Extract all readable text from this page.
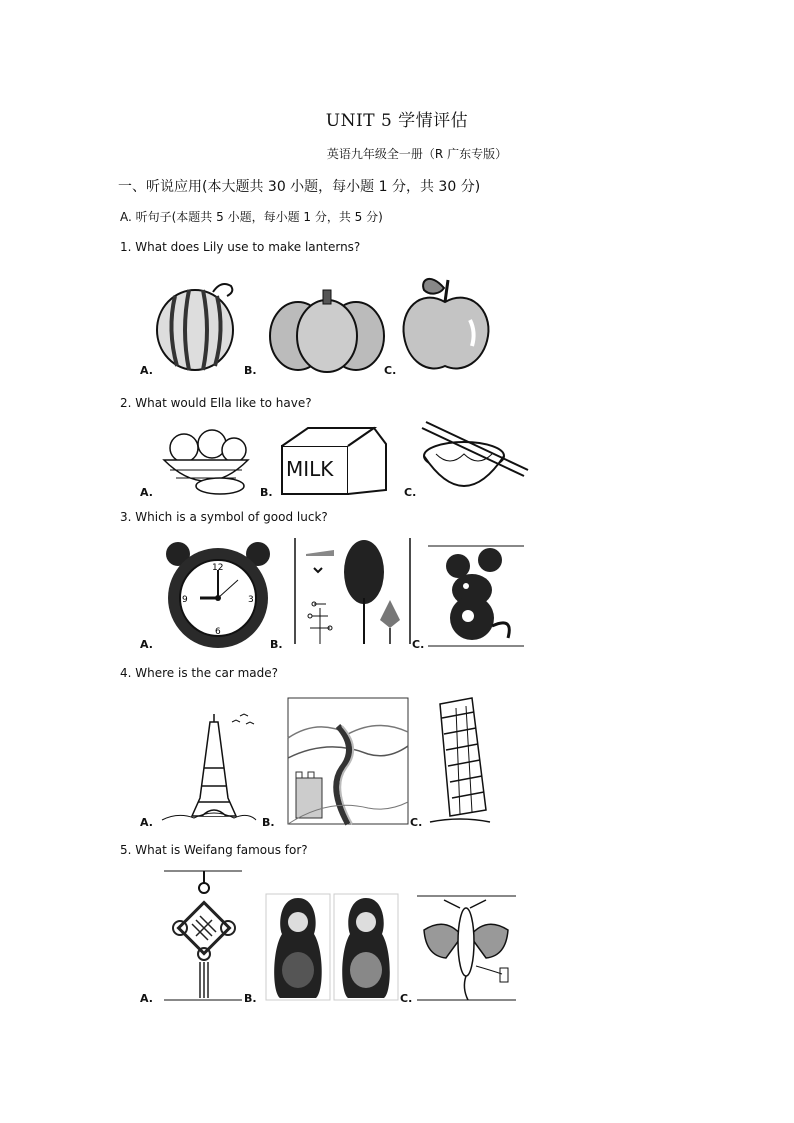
UNIT 5 学情评估
英语九年级全一册（R 广东专版）
一、听说应用(本大题共 30 小题，每小题 1 分，共 30 分)
A. 听句子(本题共 5 小题，每小题 1 分，共 5 分)
1. What does Lily use to make lanterns?
A.	B.	C.
2. What would Ella like to have?
A.	B.	C.
MILK
3. Which is a symbol of good luck?
A.	B.	C.
12
3
6
9
4. Where is the car made?
A.	B.	C.
5. What is Weifang famous for?
A.	B.	C.
